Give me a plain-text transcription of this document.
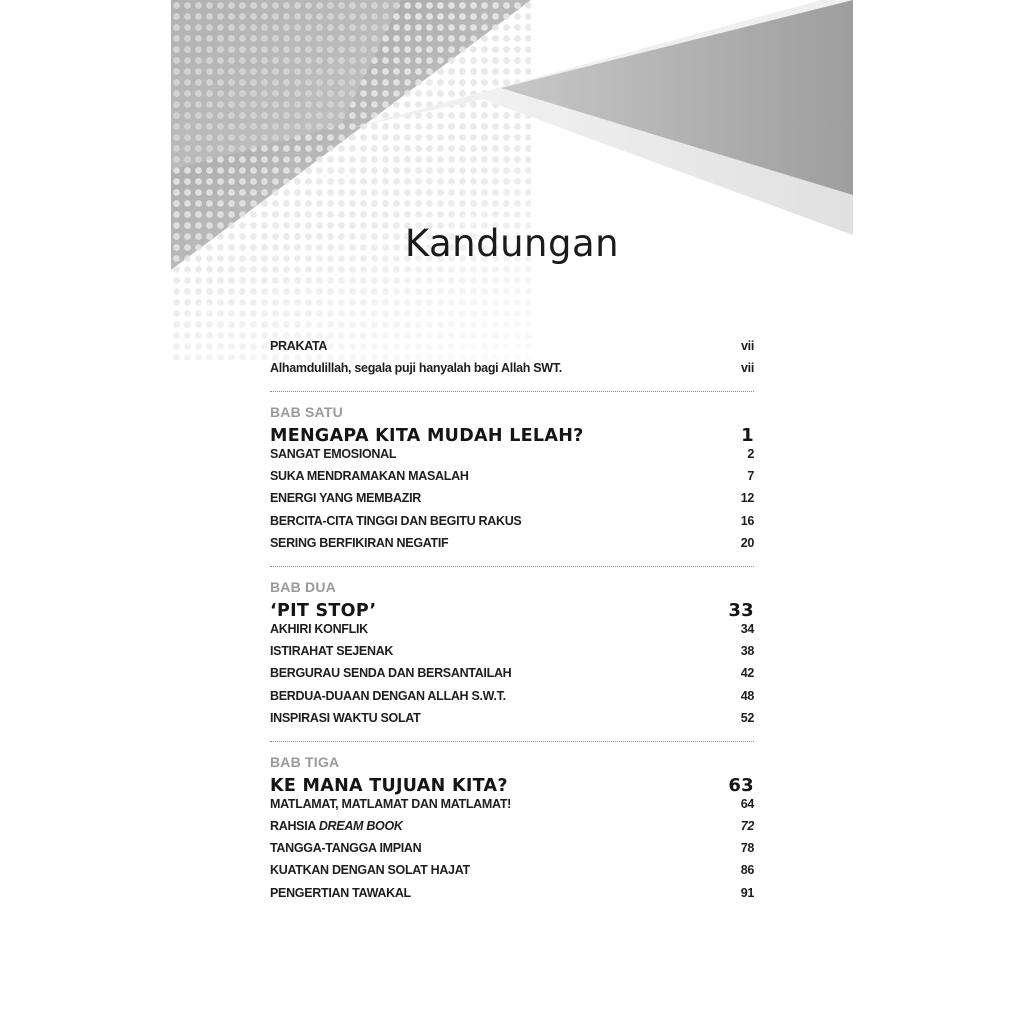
Kandungan
PRAKATA	vii
Alhamdulillah, segala puji hanyalah bagi Allah SWT.	vii
BAB SATU
MENGAPA KITA MUDAH LELAH?	1
SANGAT EMOSIONAL	2
SUKA MENDRAMAKAN MASALAH	7
ENERGI YANG MEMBAZIR	12
BERCITA-CITA TINGGI DAN BEGITU RAKUS	16
SERING BERFIKIRAN NEGATIF	20
BAB DUA
‘PIT STOP’	33
AKHIRI KONFLIK	34
ISTIRAHAT SEJENAK	38
BERGURAU SENDA DAN BERSANTAILAH	42
BERDUA-DUAAN DENGAN ALLAH S.W.T.	48
INSPIRASI WAKTU SOLAT	52
BAB TIGA
KE MANA TUJUAN KITA?	63
MATLAMAT, MATLAMAT DAN MATLAMAT!	64
RAHSIA DREAM BOOK	72
TANGGA-TANGGA IMPIAN	78
KUATKAN DENGAN SOLAT HAJAT	86
PENGERTIAN TAWAKAL	91
